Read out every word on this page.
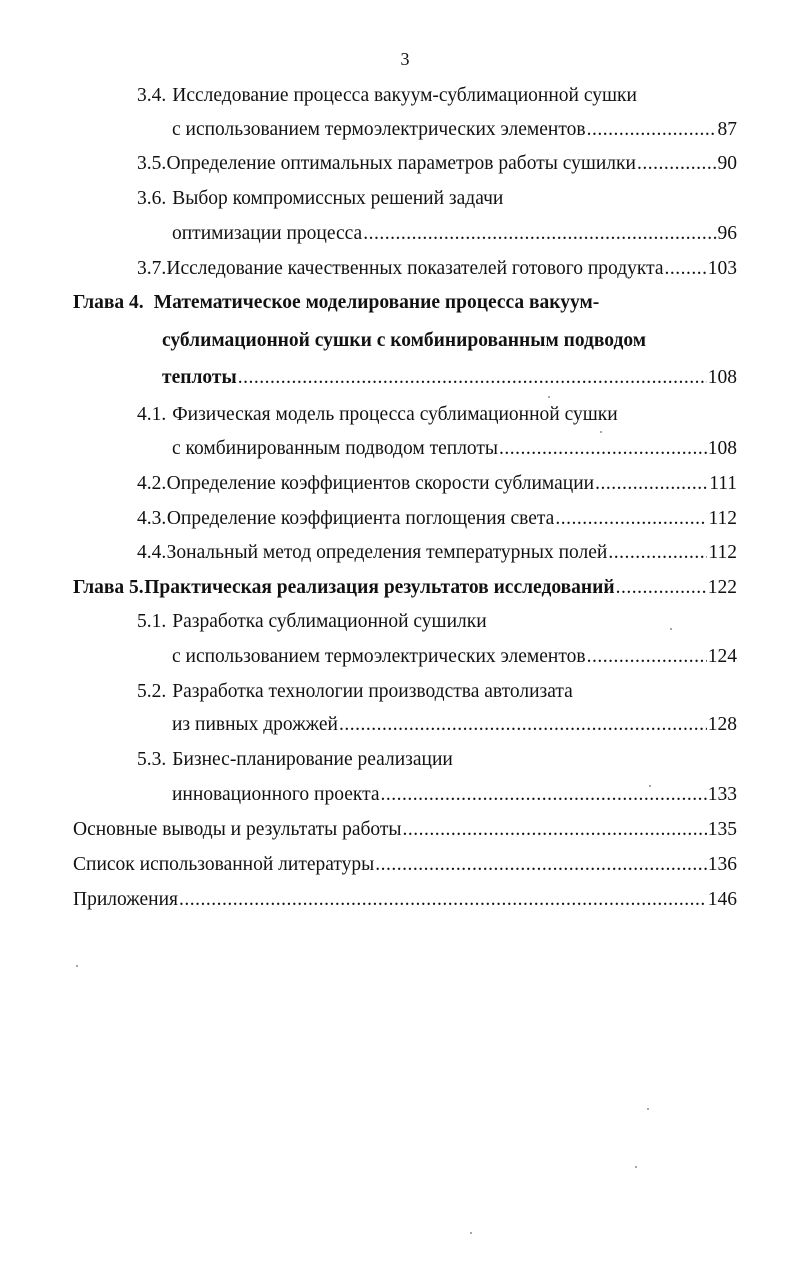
3
3.4. Исследование процесса вакуум-сублимационной сушки
с использованием термоэлектрических элементов .....	87
3.5. Определение оптимальных параметров работы сушилки .....	90
3.6. Выбор компромиссных решений задачи
оптимизации процесса .....	96
3.7. Исследование качественных показателей готового продукта ..... 103
Глава 4. Математическое моделирование процесса вакуум-
сублимационной сушки с комбинированным подводом
теплоты .....	108
4.1. Физическая модель процесса сублимационной сушки
с комбинированным подводом теплоты .....	108
4.2. Определение коэффициентов скорости сублимации .....	111
4.3. Определение коэффициента поглощения света .....	112
4.4. Зональный метод определения температурных полей .....	112
Глава 5. Практическая реализация результатов исследований .....	122
5.1. Разработка сублимационной сушилки
с использованием термоэлектрических элементов .....	124
5.2. Разработка технологии производства автолизата
из пивных дрожжей .....	128
5.3. Бизнес-планирование реализации
инновационного проекта .....	133
Основные выводы и результаты работы .....	135
Список использованной литературы .....	136
Приложения .....	146
